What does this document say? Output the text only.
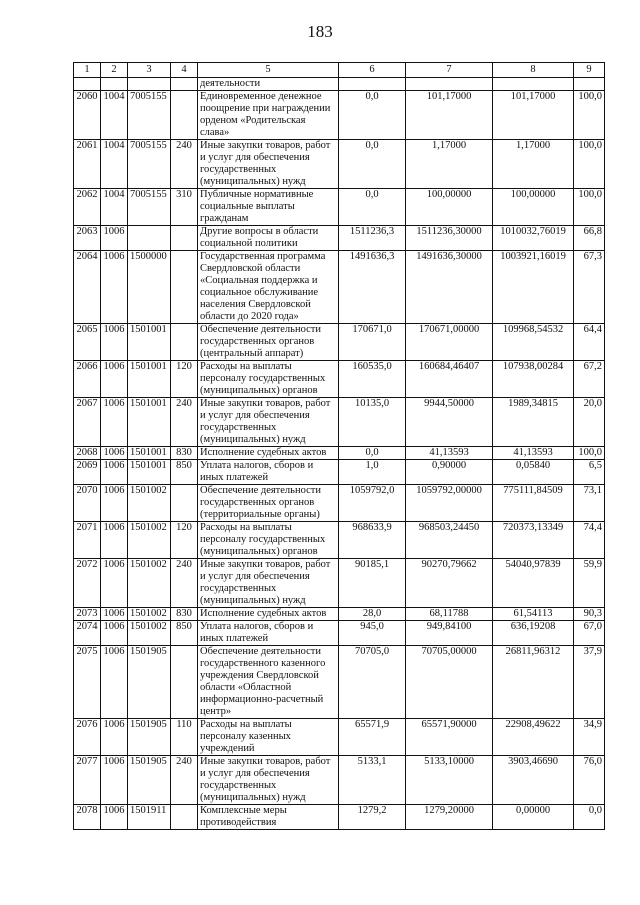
183
1	2	3	4	5	6	7	8	9
				деятельности				
2060	1004	7005155		Единовременное денежное поощрение при награждении орденом «Родительская слава»	0,0	101,17000	101,17000	100,0
2061	1004	7005155	240	Иные закупки товаров, работ и услуг для обеспечения государственных (муниципальных) нужд	0,0	1,17000	1,17000	100,0
2062	1004	7005155	310	Публичные нормативные социальные выплаты гражданам	0,0	100,00000	100,00000	100,0
2063	1006			Другие вопросы в области социальной политики	1511236,3	1511236,30000	1010032,76019	66,8
2064	1006	1500000		Государственная программа Свердловской области «Социальная поддержка и социальное обслуживание населения Свердловской области до 2020 года»	1491636,3	1491636,30000	1003921,16019	67,3
2065	1006	1501001		Обеспечение деятельности государственных органов (центральный аппарат)	170671,0	170671,00000	109968,54532	64,4
2066	1006	1501001	120	Расходы на выплаты персоналу государственных (муниципальных) органов	160535,0	160684,46407	107938,00284	67,2
2067	1006	1501001	240	Иные закупки товаров, работ и услуг для обеспечения государственных (муниципальных) нужд	10135,0	9944,50000	1989,34815	20,0
2068	1006	1501001	830	Исполнение судебных актов	0,0	41,13593	41,13593	100,0
2069	1006	1501001	850	Уплата налогов, сборов и иных платежей	1,0	0,90000	0,05840	6,5
2070	1006	1501002		Обеспечение деятельности государственных органов (территориальные органы)	1059792,0	1059792,00000	775111,84509	73,1
2071	1006	1501002	120	Расходы на выплаты персоналу государственных (муниципальных) органов	968633,9	968503,24450	720373,13349	74,4
2072	1006	1501002	240	Иные закупки товаров, работ и услуг для обеспечения государственных (муниципальных) нужд	90185,1	90270,79662	54040,97839	59,9
2073	1006	1501002	830	Исполнение судебных актов	28,0	68,11788	61,54113	90,3
2074	1006	1501002	850	Уплата налогов, сборов и иных платежей	945,0	949,84100	636,19208	67,0
2075	1006	1501905		Обеспечение деятельности государственного казенного учреждения Свердловской области «Областной информационно-расчетный центр»	70705,0	70705,00000	26811,96312	37,9
2076	1006	1501905	110	Расходы на выплаты персоналу казенных учреждений	65571,9	65571,90000	22908,49622	34,9
2077	1006	1501905	240	Иные закупки товаров, работ и услуг для обеспечения государственных (муниципальных) нужд	5133,1	5133,10000	3903,46690	76,0
2078	1006	1501911		Комплексные меры противодействия	1279,2	1279,20000	0,00000	0,0
